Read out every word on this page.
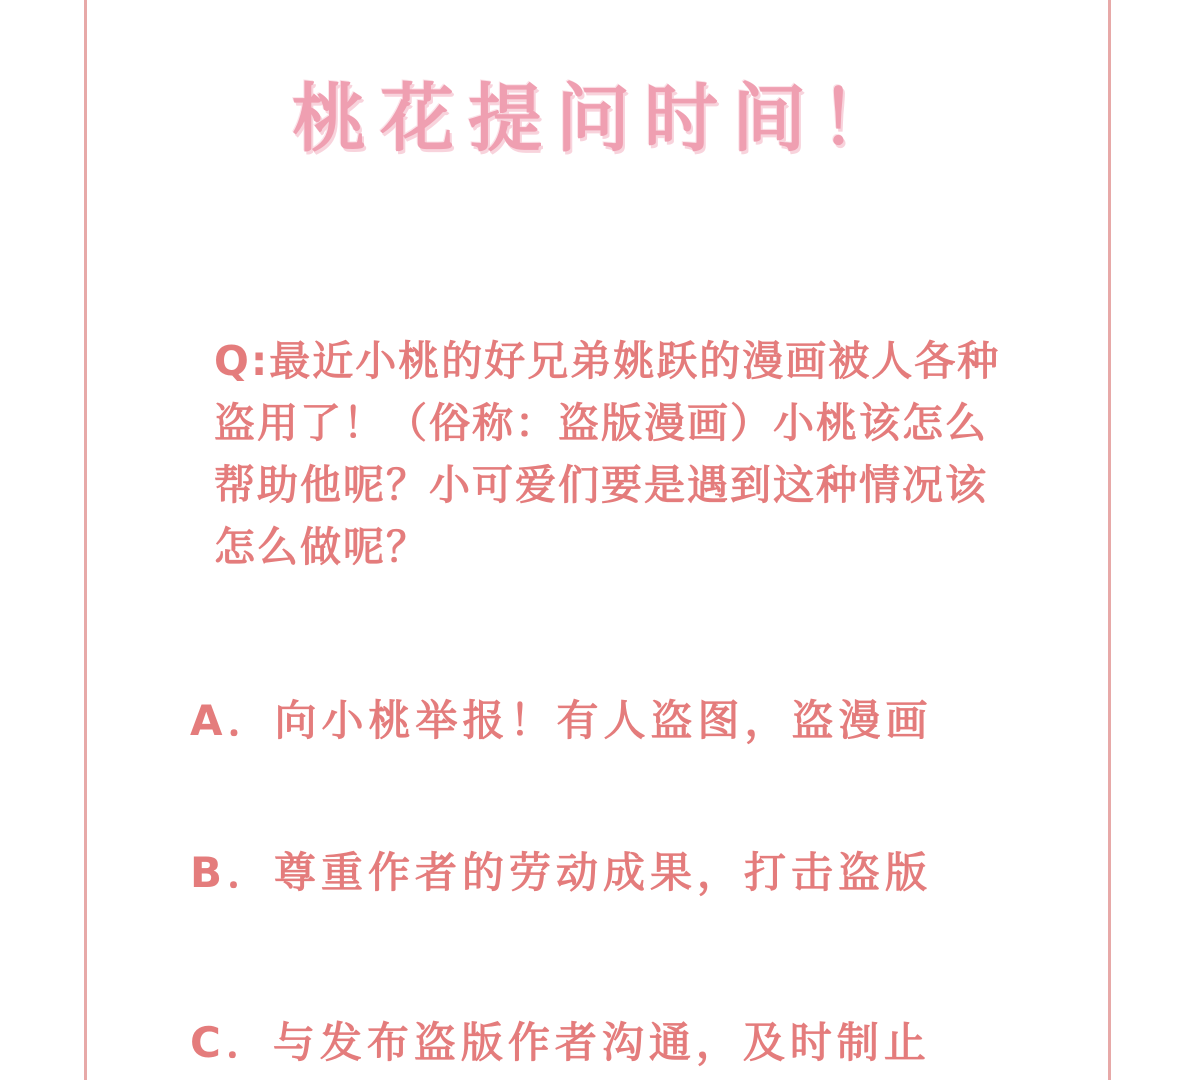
桃花提问时间！
Q:最近小桃的好兄弟姚跃的漫画被人各种盗用了！（俗称：盗版漫画）小桃该怎么帮助他呢？小可爱们要是遇到这种情况该怎么做呢？
A．向小桃举报！有人盗图，盗漫画
B．尊重作者的劳动成果，打击盗版
C．与发布盗版作者沟通，及时制止
